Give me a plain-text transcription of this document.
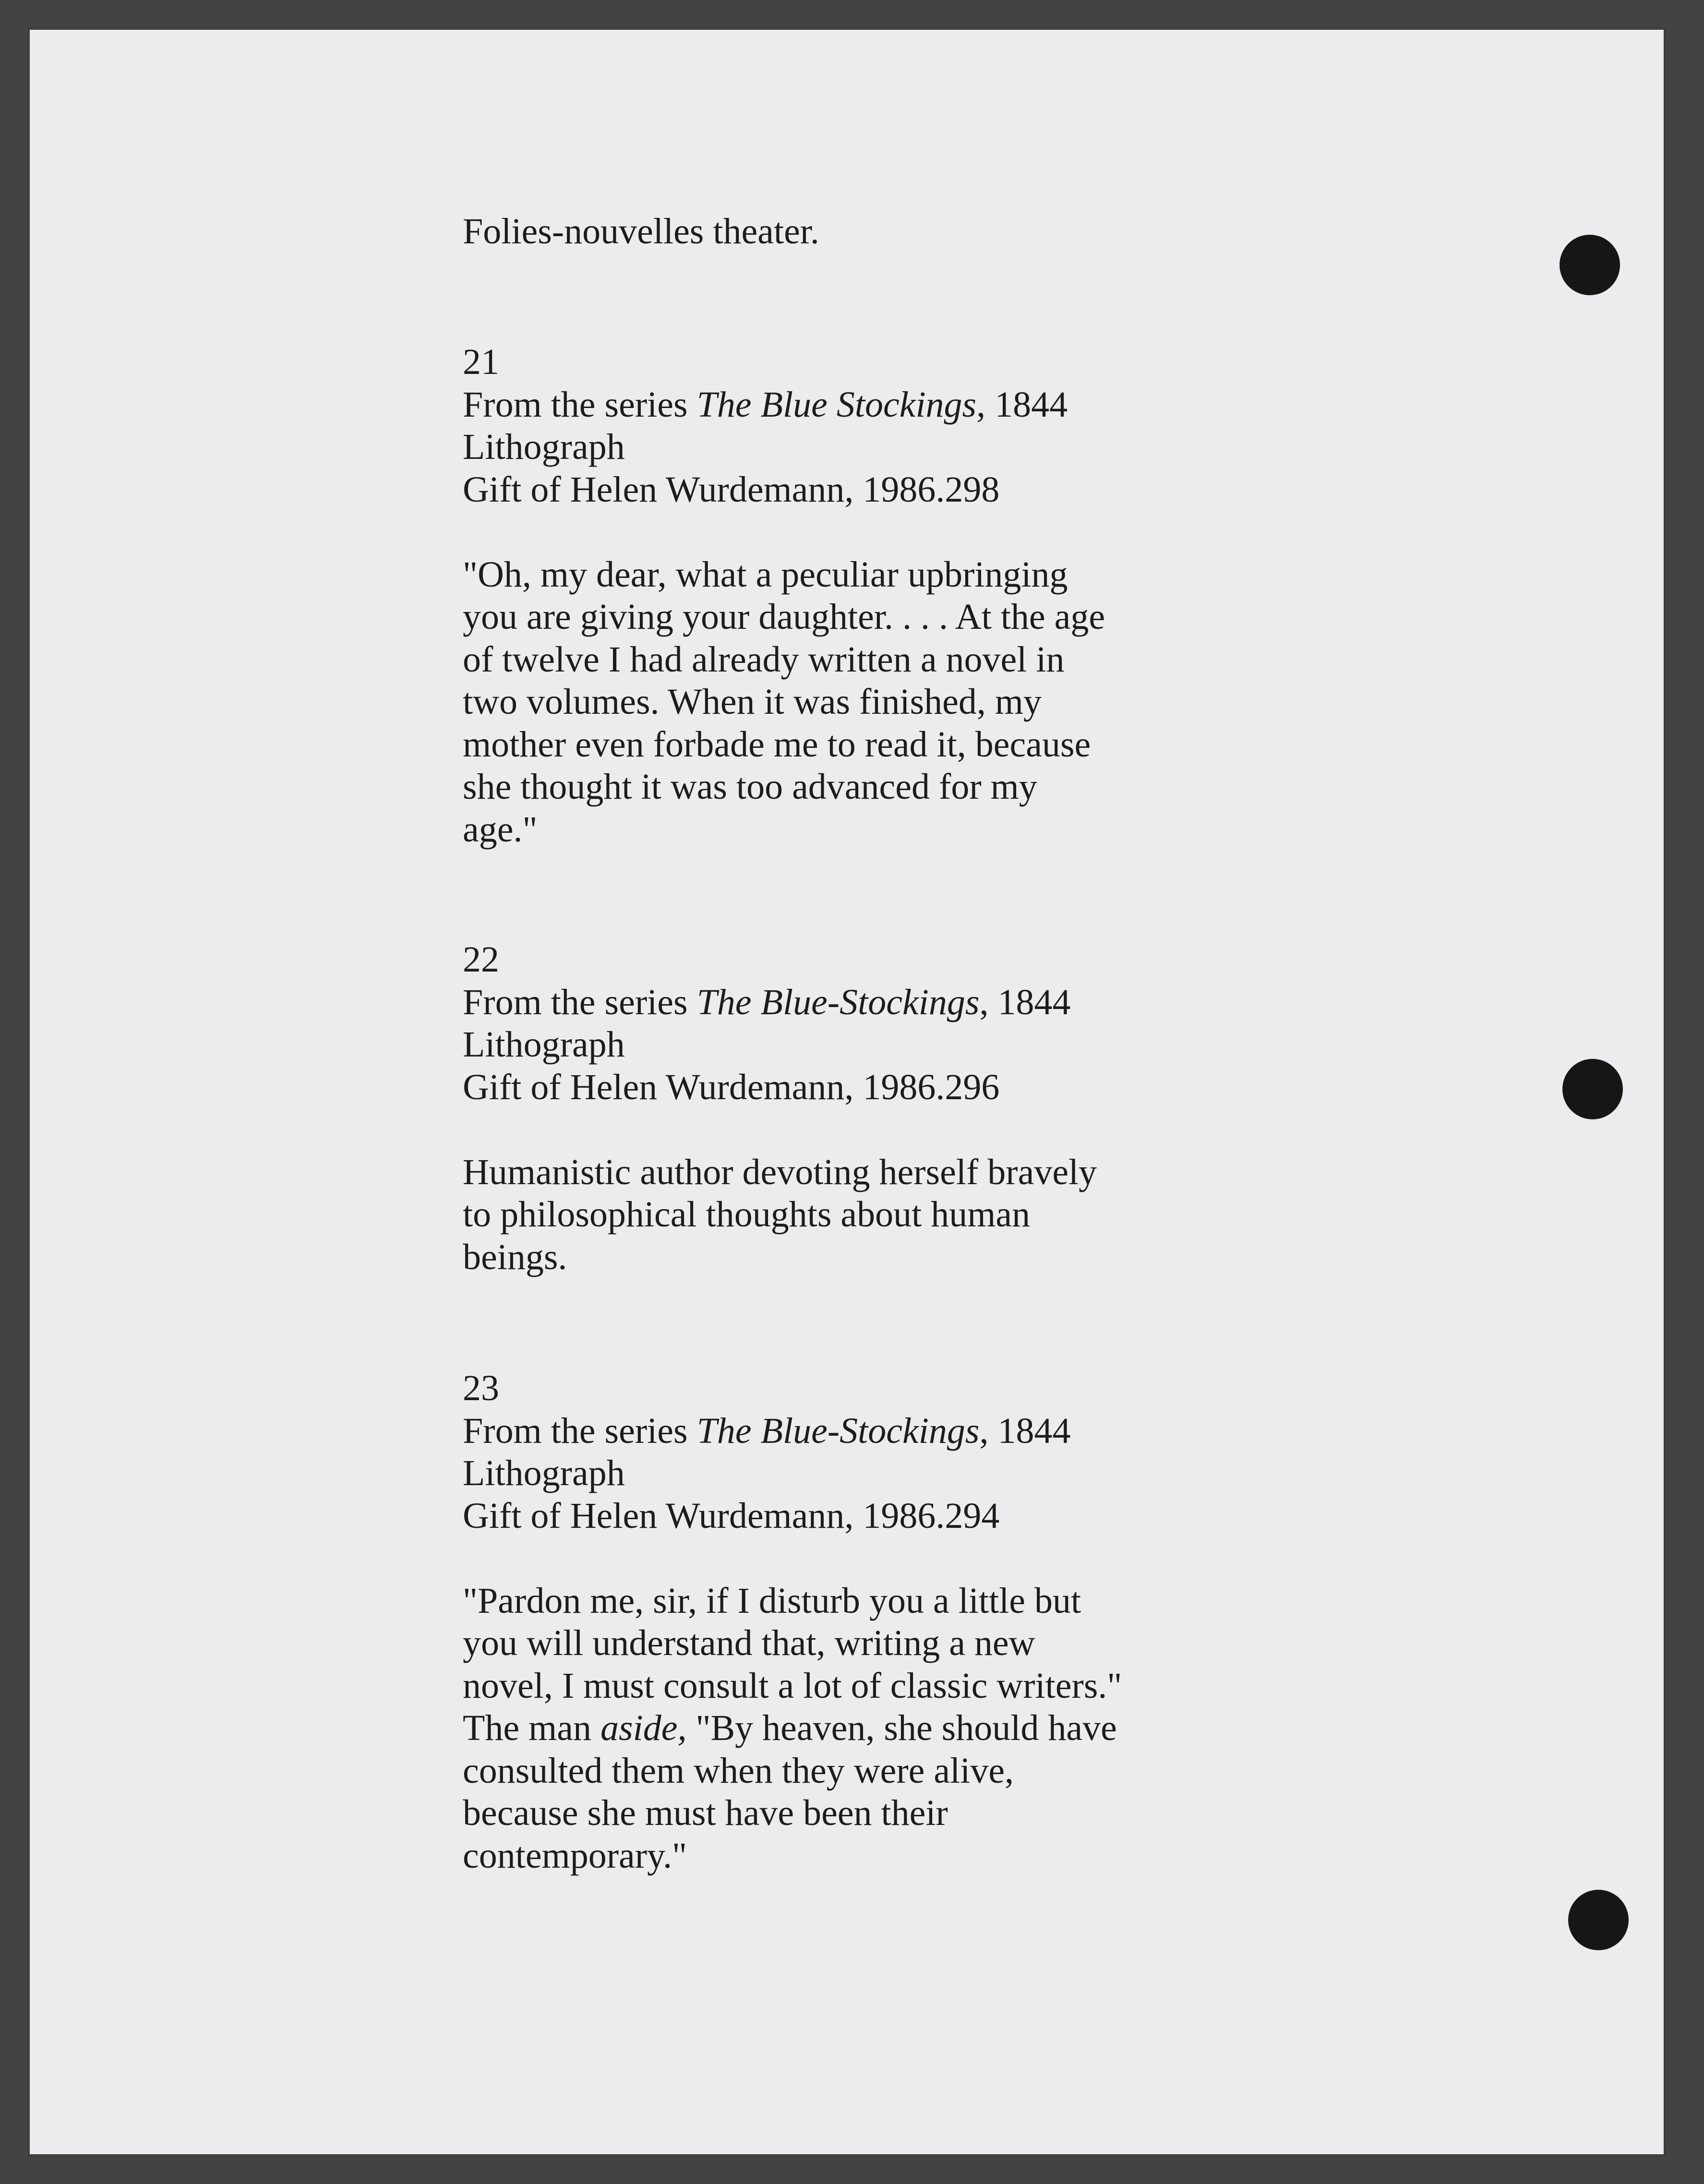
Folies-nouvelles theater.
21
From the series The Blue Stockings, 1844
Lithograph
Gift of Helen Wurdemann, 1986.298
"Oh, my dear, what a peculiar upbringing
you are giving your daughter. . . . At the age
of twelve I had already written a novel in
two volumes. When it was finished, my
mother even forbade me to read it, because
she thought it was too advanced for my
age."
22
From the series The Blue-Stockings, 1844
Lithograph
Gift of Helen Wurdemann, 1986.296
Humanistic author devoting herself bravely
to philosophical thoughts about human
beings.
23
From the series The Blue-Stockings, 1844
Lithograph
Gift of Helen Wurdemann, 1986.294
"Pardon me, sir, if I disturb you a little but
you will understand that, writing a new
novel, I must consult a lot of classic writers."
The man aside, "By heaven, she should have
consulted them when they were alive,
because she must have been their
contemporary."
